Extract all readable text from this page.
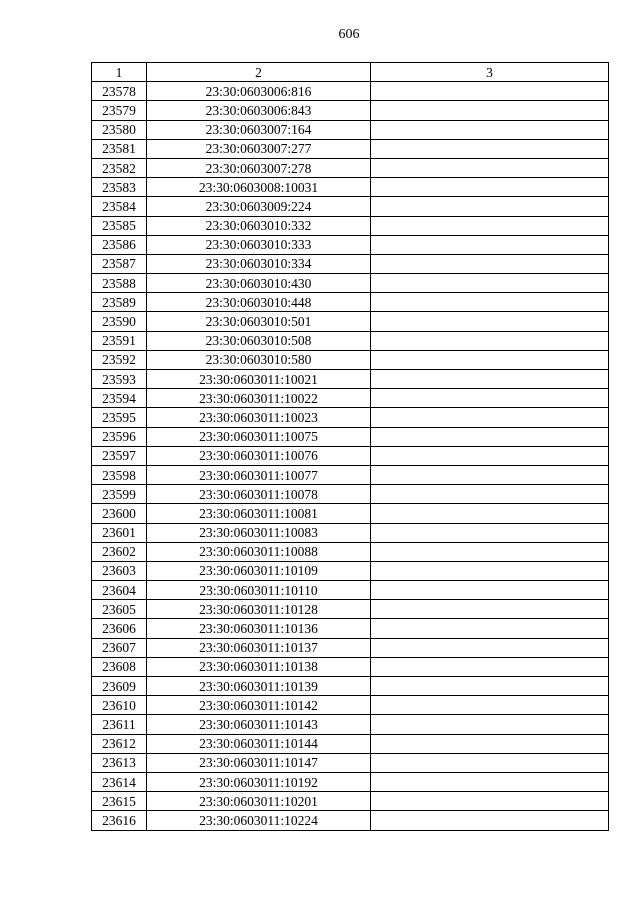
606
1	2	3
23578	23:30:0603006:816	
23579	23:30:0603006:843	
23580	23:30:0603007:164	
23581	23:30:0603007:277	
23582	23:30:0603007:278	
23583	23:30:0603008:10031	
23584	23:30:0603009:224	
23585	23:30:0603010:332	
23586	23:30:0603010:333	
23587	23:30:0603010:334	
23588	23:30:0603010:430	
23589	23:30:0603010:448	
23590	23:30:0603010:501	
23591	23:30:0603010:508	
23592	23:30:0603010:580	
23593	23:30:0603011:10021	
23594	23:30:0603011:10022	
23595	23:30:0603011:10023	
23596	23:30:0603011:10075	
23597	23:30:0603011:10076	
23598	23:30:0603011:10077	
23599	23:30:0603011:10078	
23600	23:30:0603011:10081	
23601	23:30:0603011:10083	
23602	23:30:0603011:10088	
23603	23:30:0603011:10109	
23604	23:30:0603011:10110	
23605	23:30:0603011:10128	
23606	23:30:0603011:10136	
23607	23:30:0603011:10137	
23608	23:30:0603011:10138	
23609	23:30:0603011:10139	
23610	23:30:0603011:10142	
23611	23:30:0603011:10143	
23612	23:30:0603011:10144	
23613	23:30:0603011:10147	
23614	23:30:0603011:10192	
23615	23:30:0603011:10201	
23616	23:30:0603011:10224	
